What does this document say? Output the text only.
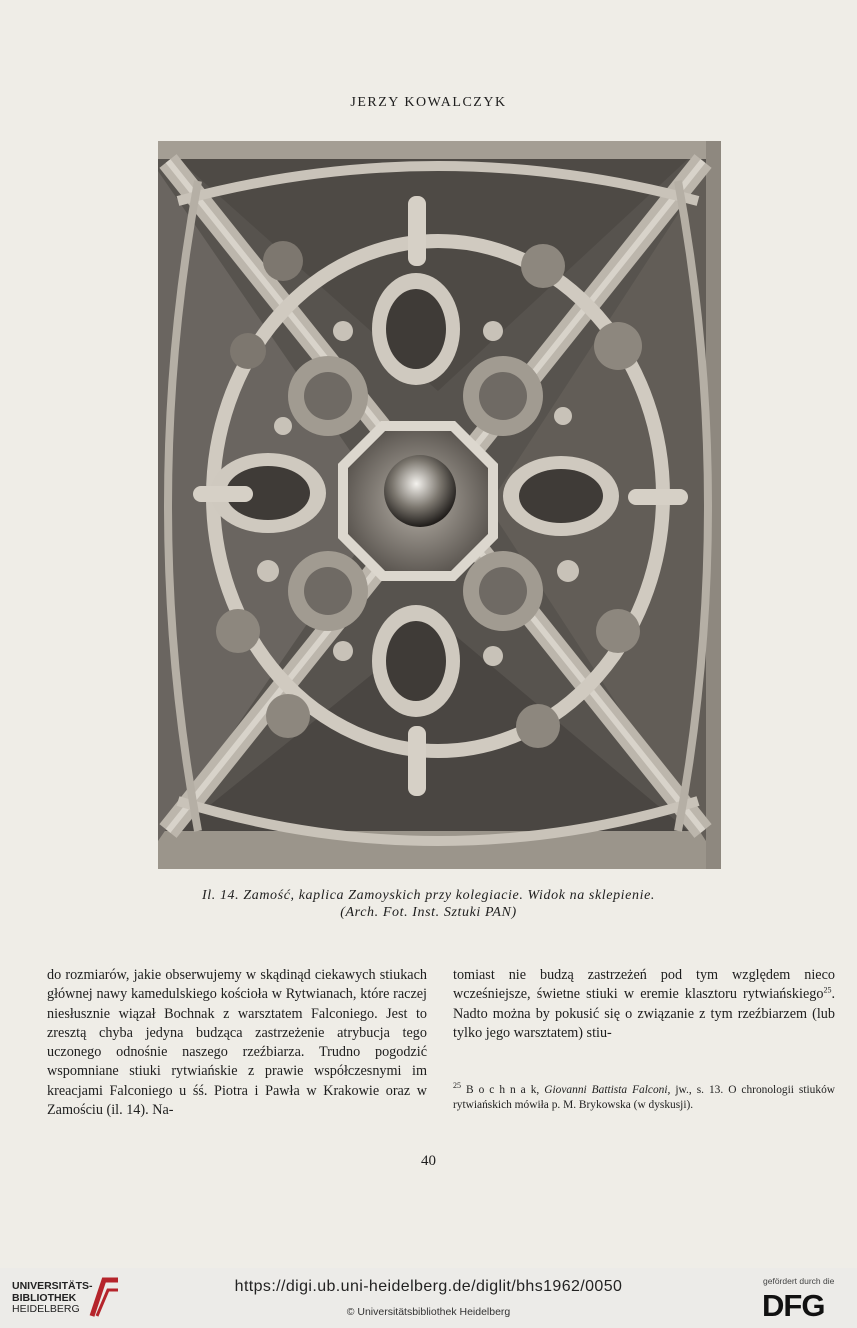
JERZY KOWALCZYK
Il. 14. Zamość, kaplica Zamoyskich przy kolegiacie. Widok na sklepienie.
(Arch. Fot. Inst. Sztuki PAN)

do rozmiarów, jakie obserwujemy w skądinąd ciekawych stiukach głównej nawy kamedulskiego kościoła w Rytwianach, które raczej niesłusznie wiązał Bochnak z warsztatem Falconiego. Jest to zresztą chyba jedyna budząca zastrzeżenie atrybucja tego uczonego odnośnie naszego rzeźbiarza. Trudno pogodzić wspomniane stiuki rytwiańskie z prawie współczesnymi im kreacjami Falconiego u śś. Piotra i Pawła w Krakowie oraz w Zamościu (il. 14). Na-

tomiast nie budzą zastrzeżeń pod tym względem nieco wcześniejsze, świetne stiuki w eremie klasztoru rytwiańskiego$^{25}$. Nadto można by pokusić się o związanie z tym rzeźbiarzem (lub tylko jego warsztatem) stiu-

$^{25}$ B o c h n a k, Giovanni Battista Falconi, jw., s. 13. O chronologii stiuków rytwiańskich mówiła p. M. Brykowska (w dyskusji).
40
UNIVERSITÄTS-
BIBLIOTHEK
HEIDELBERG
https://digi.ub.uni-heidelberg.de/diglit/bhs1962/0050
© Universitätsbibliothek Heidelberg
gefördert durch die
DFG
